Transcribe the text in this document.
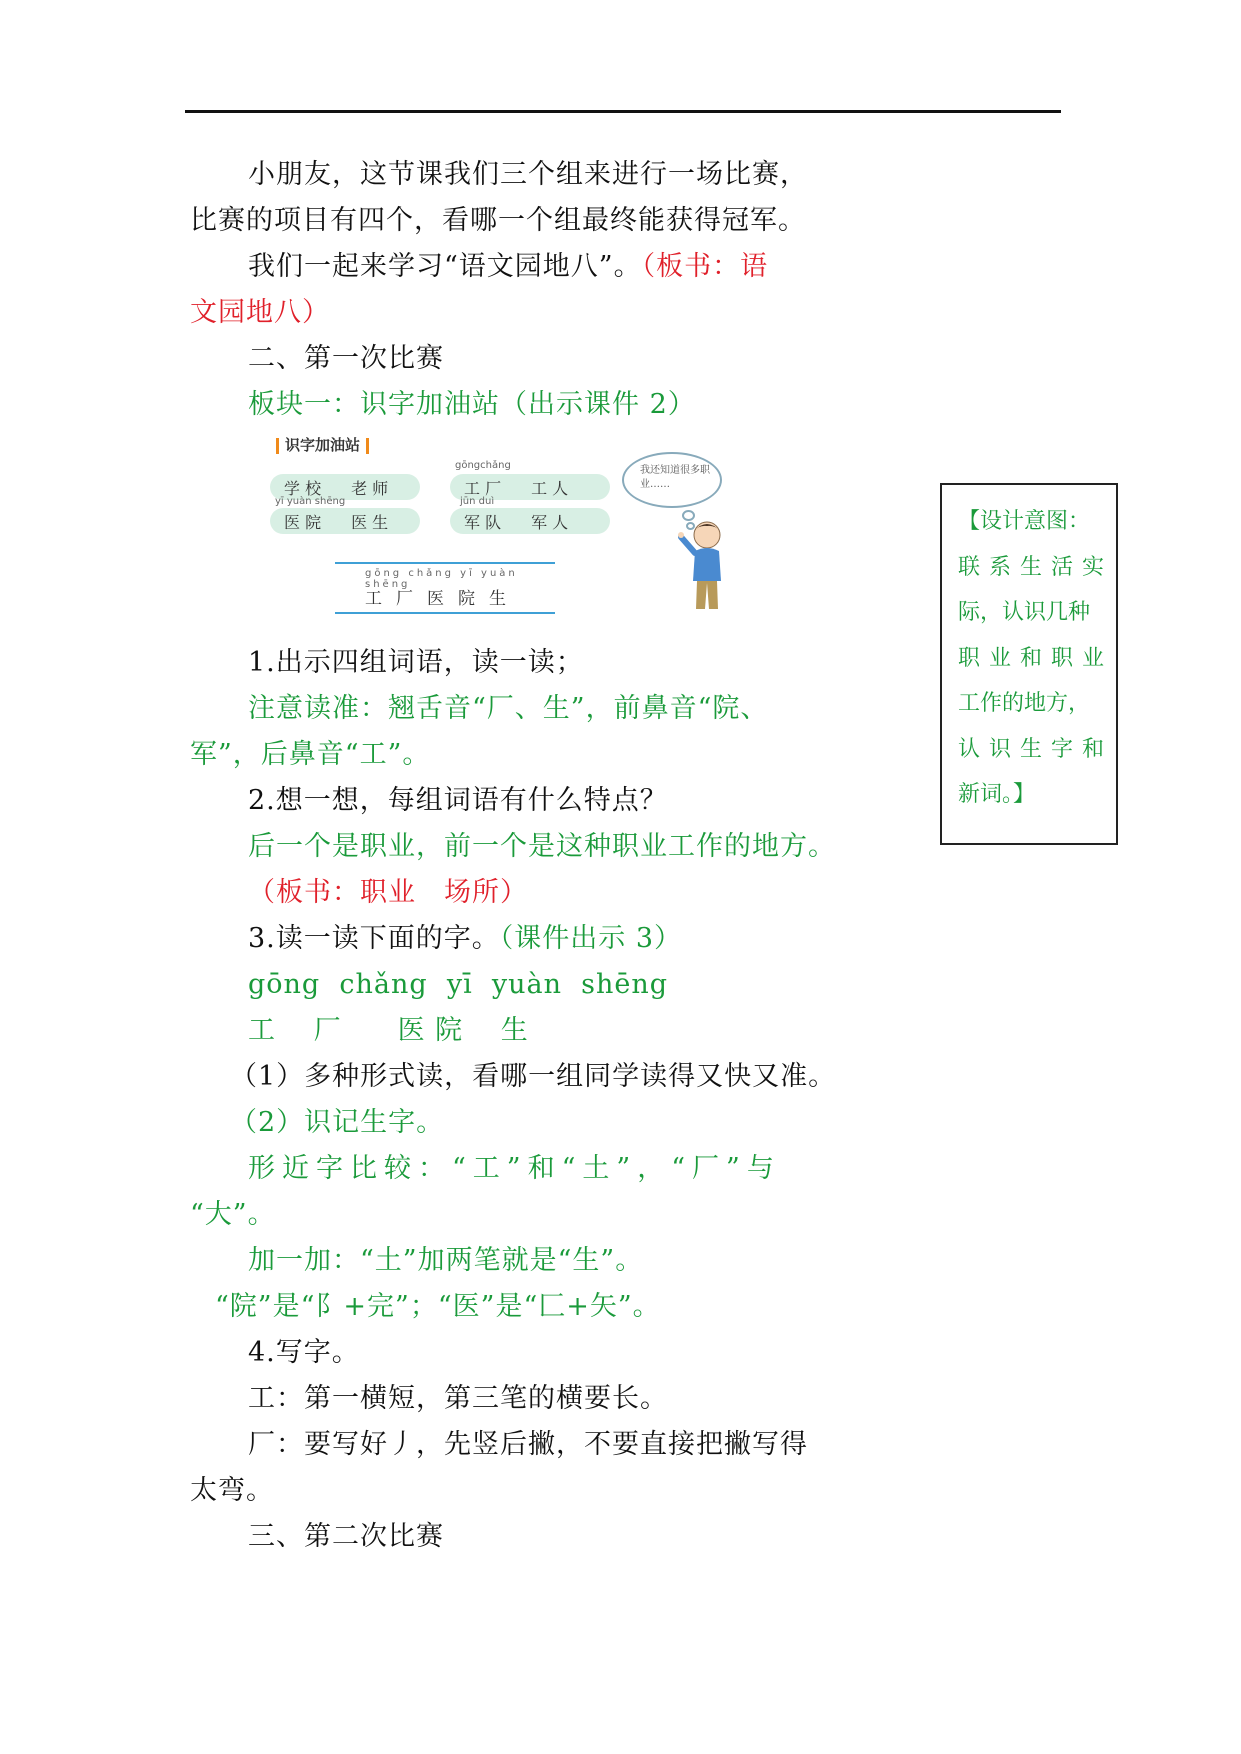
小朋友，这节课我们三个组来进行一场比赛，
比赛的项目有四个，看哪一个组最终能获得冠军。
我们一起来学习“语文园地八”。（板书：语
文园地八）
二、第一次比赛
板块一：识字加油站（出示课件 2）
识字加油站
gōngchǎng
学 校 老 师	工 厂 工 人
yī yuàn shēng	jūn duì
医 院 医 生	军 队 军 人
我还知道很多职业……
gōng chǎng yī yuàn shēng
工厂医院生
1.出示四组词语，读一读；
注意读准：翘舌音“厂、生”，前鼻音“院、
军”，后鼻音“工”。
2.想一想，每组词语有什么特点？
后一个是职业，前一个是这种职业工作的地方。
（板书：职业　场所）
3.读一读下面的字。（课件出示 3）
gōng  chǎng  yī  yuàn  shēng
工　 厂　　医 院　 生
（1）多种形式读，看哪一组同学读得又快又准。
（2）识记生字。
形近字比较：“工”和“土”，“厂”与
“大”。
加一加：“土”加两笔就是“生”。
“院”是“阝+完”；“医”是“匚+矢”。
4.写字。
工：第一横短，第三笔的横要长。
厂：要写好丿，先竖后撇，不要直接把撇写得
太弯。
三、第二次比赛

【设计意图：

联系生活实

际，认识几种

职业和职业

工作的地方，

认识生字和

新词。】
